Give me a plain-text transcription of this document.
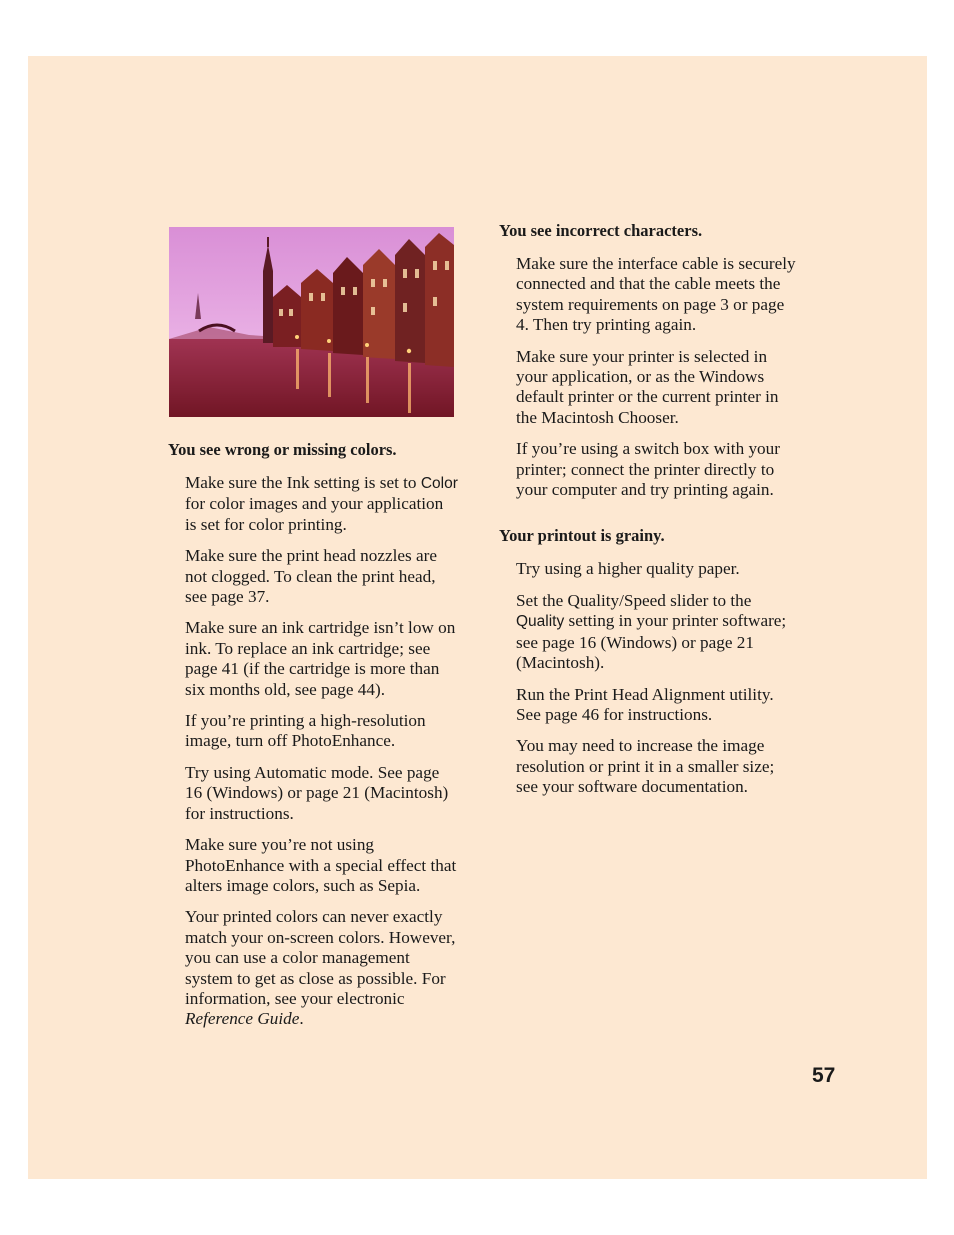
You see wrong or missing colors.

Make sure the Ink setting is set to Color for color images and your application is set for color printing.

Make sure the print head nozzles are not clogged. To clean the print head, see page 37.

Make sure an ink cartridge isn’t low on ink. To replace an ink cartridge; see page 41 (if the cartridge is more than six months old, see page 44).

If you’re printing a high-resolution image, turn off PhotoEnhance.

Try using Automatic mode. See page 16 (Windows) or page 21 (Macintosh) for instructions.

Make sure you’re not using PhotoEnhance with a special effect that alters image colors, such as Sepia.

Your printed colors can never exactly match your on-screen colors. However, you can use a color management system to get as close as possible. For information, see your electronic Reference Guide.

You see incorrect characters.

Make sure the interface cable is securely connected and that the cable meets the system requirements on page 3 or page 4. Then try printing again.

Make sure your printer is selected in your application, or as the Windows default printer or the current printer in the Macintosh Chooser.

If you’re using a switch box with your printer; connect the printer directly to your computer and try printing again.

Your printout is grainy.

Try using a higher quality paper.

Set the Quality/Speed slider to the Quality setting in your printer software; see page 16 (Windows) or page 21 (Macintosh).

Run the Print Head Alignment utility. See page 46 for instructions.

You may need to increase the image resolution or print it in a smaller size; see your software documentation.

57
